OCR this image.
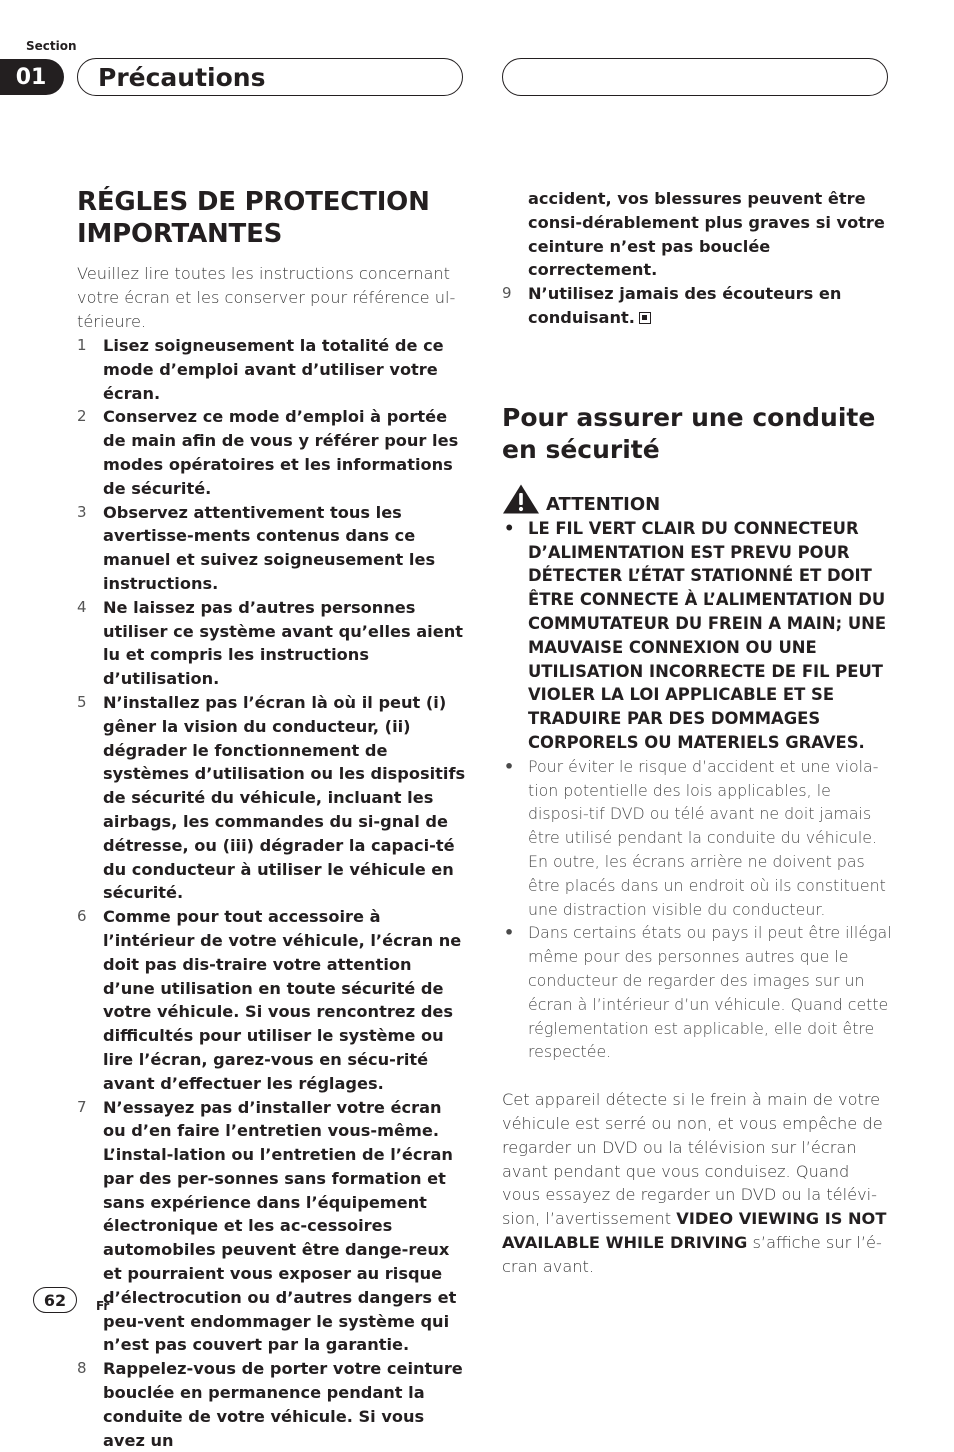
Section
01	Précautions
RÉGLES DE PROTECTION IMPORTANTES

Veuillez lire toutes les instructions concernant votre écran et les conserver pour référence ul-térieure.

1 Lisez soigneusement la totalité de ce mode d’emploi avant d’utiliser votre écran.
2 Conservez ce mode d’emploi à portée de main afin de vous y référer pour les modes opératoires et les informations de sécurité.
3 Observez attentivement tous les avertisse-ments contenus dans ce manuel et suivez soigneusement les instructions.
4 Ne laissez pas d’autres personnes utiliser ce système avant qu’elles aient lu et compris les instructions d’utilisation.
5 N’installez pas l’écran là où il peut (i) gêner la vision du conducteur, (ii) dégrader le fonctionnement de systèmes d’utilisation ou les dispositifs de sécurité du véhicule, incluant les airbags, les commandes du si-gnal de détresse, ou (iii) dégrader la capaci-té du conducteur à utiliser le véhicule en sécurité.
6 Comme pour tout accessoire à l’intérieur de votre véhicule, l’écran ne doit pas dis-traire votre attention d’une utilisation en toute sécurité de votre véhicule. Si vous rencontrez des difficultés pour utiliser le système ou lire l’écran, garez-vous en sécu-rité avant d’effectuer les réglages.
7 N’essayez pas d’installer votre écran ou d’en faire l’entretien vous-même. L’instal-lation ou l’entretien de l’écran par des per-sonnes sans formation et sans expérience dans l’équipement électronique et les ac-cessoires automobiles peuvent être dange-reux et pourraient vous exposer au risque d’électrocution ou d’autres dangers et peu-vent endommager le système qui n’est pas couvert par la garantie.
8 Rappelez-vous de porter votre ceinture bouclée en permanence pendant la conduite de votre véhicule. Si vous avez un

accident, vos blessures peuvent être consi-dérablement plus graves si votre ceinture n’est pas bouclée correctement.

9 N’utilisez jamais des écouteurs en conduisant.
Pour assurer une conduite en sécurité
ATTENTION
• LE FIL VERT CLAIR DU CONNECTEUR D’ALIMENTATION EST PREVU POUR DÉTECTER L’ÉTAT STATIONNÉ ET DOIT ÊTRE CONNECTE À L’ALIMENTATION DU COMMUTATEUR DU FREIN A MAIN; UNE MAUVAISE CONNEXION OU UNE UTILISATION INCORRECTE DE FIL PEUT VIOLER LA LOI APPLICABLE ET SE TRADUIRE PAR DES DOMMAGES CORPORELS OU MATERIELS GRAVES.
• Pour éviter le risque d’accident et une viola-tion potentielle des lois applicables, le disposi-tif DVD ou télé avant ne doit jamais être utilisé pendant la conduite du véhicule. En outre, les écrans arrière ne doivent pas être placés dans un endroit où ils constituent une distraction visible du conducteur.
• Dans certains états ou pays il peut être illégal même pour des personnes autres que le conducteur de regarder des images sur un écran à l’intérieur d’un véhicule. Quand cette réglementation est applicable, elle doit être respectée.

Cet appareil détecte si le frein à main de votre véhicule est serré ou non, et vous empêche de regarder un DVD ou la télévision sur l’écran avant pendant que vous conduisez. Quand vous essayez de regarder un DVD ou la télévi-sion, l’avertissement VIDEO VIEWING IS NOT AVAILABLE WHILE DRIVING s’affiche sur l’é-cran avant.

62	Fr
